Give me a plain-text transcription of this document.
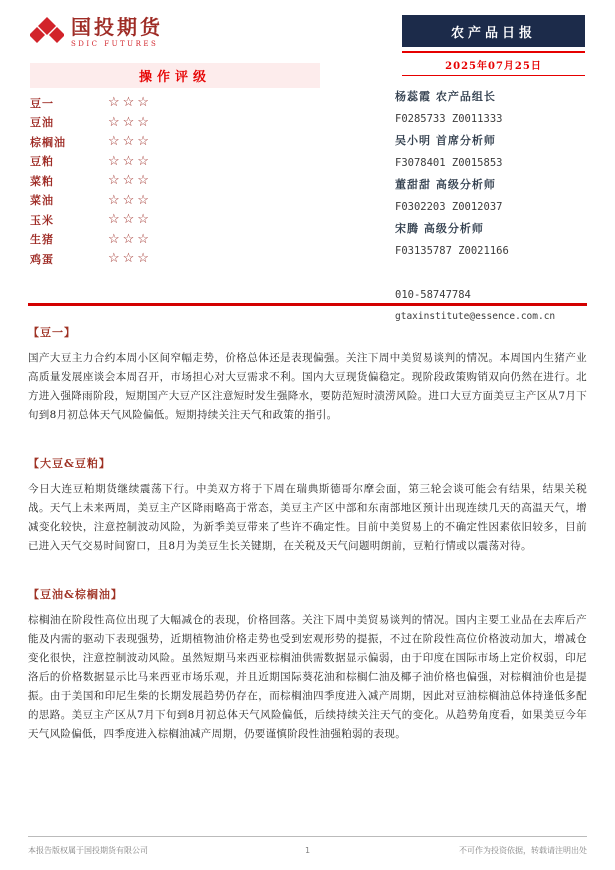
国投期货
SDIC FUTURES
农产品日报
2025年07月25日
操作评级
豆一	☆☆☆
豆油	☆☆☆
棕榈油	☆☆☆
豆粕	☆☆☆
菜粕	☆☆☆
菜油	☆☆☆
玉米	☆☆☆
生猪	☆☆☆
鸡蛋	☆☆☆
杨蕊霞 农产品组长
F0285733 Z0011333
吴小明 首席分析师
F3078401 Z0015853
董甜甜 高级分析师
F0302203 Z0012037
宋腾 高级分析师
F03135787 Z0021166
010-58747784
gtaxinstitute@essence.com.cn
【豆一】
国产大豆主力合约本周小区间窄幅走势，价格总体还是表现偏强。关注下周中美贸易谈判的情况。本周国内生猪产业高质量发展座谈会本周召开，市场担心对大豆需求不利。国内大豆现货偏稳定。现阶段政策购销双向仍然在进行。北方进入强降雨阶段，短期国产大豆产区注意短时发生强降水，要防范短时渍涝风险。进口大豆方面美豆主产区从7月下旬到8月初总体天气风险偏低。短期持续关注天气和政策的指引。
【大豆&豆粕】
今日大连豆粕期货继续震荡下行。中美双方将于下周在瑞典斯德哥尔摩会面，第三轮会谈可能会有结果，结果关税战。天气上未来两周，美豆主产区降雨略高于常态，美豆主产区中部和东南部地区预计出现连续几天的高温天气，增减变化较快，注意控制波动风险，为新季美豆带来了些许不确定性。目前中美贸易上的不确定性因素依旧较多，目前已进入天气交易时间窗口，且8月为美豆生长关键期，在关税及天气问题明朗前，豆粕行情或以震荡对待。
【豆油&棕榈油】
棕榈油在阶段性高位出现了大幅减仓的表现，价格回落。关注下周中美贸易谈判的情况。国内主要工业品在去库后产能及内需的驱动下表现强势，近期植物油价格走势也受到宏观形势的提振，不过在阶段性高位价格波动加大，增减仓变化很快，注意控制波动风险。虽然短期马来西亚棕榈油供需数据显示偏弱，由于印度在国际市场上定价权弱，印尼洛后的价格数据显示比马来西亚市场乐观，并且近期国际葵花油和棕榈仁油及椰子油价格也偏强，对棕榈油价也是提振。由于美国和印尼生柴的长期发展趋势仍存在，而棕榈油四季度进入减产周期，因此对豆油棕榈油总体持逢低多配的思路。美豆主产区从7月下旬到8月初总体天气风险偏低，后续持续关注天气的变化。从趋势角度看，如果美豆今年天气风险偏低，四季度进入棕榈油减产周期，仍要谨慎阶段性油强粕弱的表现。
本报告版权属于国投期货有限公司	1	不可作为投资依据，转载请注明出处
